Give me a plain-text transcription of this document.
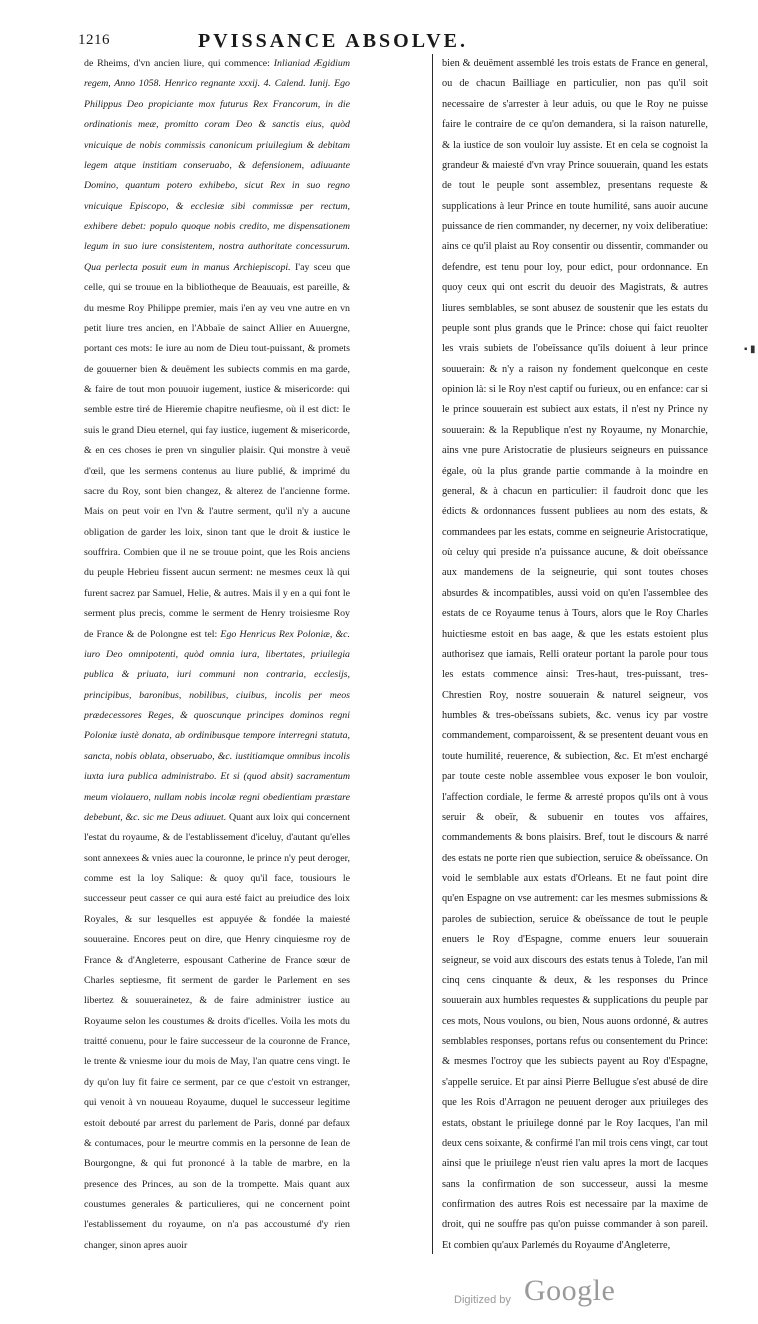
1216	PVISSANCE ABSOLVE.

de Rheims, d'vn ancien liure, qui commence: Inlianiad Ægidium regem, Anno 1058. Henrico regnante xxxij. 4. Calend. Iunij. Ego Philippus Deo propiciante mox futurus Rex Francorum, in die ordinationis meæ, promitto coram Deo & sanctis eius, quòd vnicuique de nobis commissis canonicum priuilegium & debitam legem atque institiam conseruabo, & defensionem, adiuuante Domino, quantum potero exhibebo, sicut Rex in suo regno vnicuique Episcopo, & ecclesiæ sibi commissæ per rectum, exhibere debet: populo quoque nobis credito, me dispensationem legum in suo iure consistentem, nostra authoritate concessurum. Qua perlecta posuit eum in manus Archiepiscopi. I'ay sceu que celle, qui se trouue en la bibliotheque de Beauuais, est pareille, & du mesme Roy Philippe premier, mais i'en ay veu vne autre en vn petit liure tres ancien, en l'Abbaïe de sainct Allier en Auuergne, portant ces mots: Ie iure au nom de Dieu tout-puissant, & promets de gouuerner bien & deuëment les subiects commis en ma garde, & faire de tout mon pouuoir iugement, iustice & misericorde: qui semble estre tiré de Hieremie chapitre neufiesme, où il est dict: Ie suis le grand Dieu eternel, qui fay iustice, iugement & misericorde, & en ces choses ie pren vn singulier plaisir. Qui monstre à veuë d'œil, que les sermens contenus au liure publié, & imprimé du sacre du Roy, sont bien changez, & alterez de l'ancienne forme. Mais on peut voir en l'vn & l'autre serment, qu'il n'y a aucune obligation de garder les loix, sinon tant que le droit & iustice le souffrira. Combien que il ne se trouue point, que les Rois anciens du peuple Hebrieu fissent aucun serment: ne mesmes ceux là qui furent sacrez par Samuel, Helie, & autres. Mais il y en a qui font le serment plus precis, comme le serment de Henry troisiesme Roy de France & de Polongne est tel: Ego Henricus Rex Poloniæ, &c. iuro Deo omnipotenti, quòd omnia iura, libertates, priuilegia publica & priuata, iuri communi non contraria, ecclesijs, principibus, baronibus, nobilibus, ciuibus, incolis per meos prædecessores Reges, & quoscunque principes dominos regni Poloniæ iustè donata, ab ordinibusque tempore interregni statuta, sancta, nobis oblata, obseruabo, &c. iustitiamque omnibus incolis iuxta iura publica administrabo. Et si (quod absit) sacramentum meum violauero, nullam nobis incolæ regni obedientiam præstare debebunt, &c. sic me Deus adiuuet. Quant aux loix qui concernent l'estat du royaume, & de l'establissement d'iceluy, d'autant qu'elles sont annexees & vnies auec la couronne, le prince n'y peut deroger, comme est la loy Salique: & quoy qu'il face, tousiours le successeur peut casser ce qui aura esté faict au preiudice des loix Royales, & sur lesquelles est appuyée & fondée la maiesté souueraine. Encores peut on dire, que Henry cinquiesme roy de France & d'Angleterre, espousant Catherine de France sœur de Charles septiesme, fit serment de garder le Parlement en ses libertez & souuerainetez, & de faire administrer iustice au Royaume selon les coustumes & droits d'icelles. Voila les mots du traitté conuenu, pour le faire successeur de la couronne de France, le trente & vniesme iour du mois de May, l'an quatre cens vingt. Ie dy qu'on luy fit faire ce serment, par ce que c'estoit vn estranger, qui venoit à vn nouueau Royaume, duquel le successeur legitime estoit debouté par arrest du parlement de Paris, donné par defaux & contumaces, pour le meurtre commis en la personne de Iean de Bourgongne, & qui fut prononcé à la table de marbre, en la presence des Princes, au son de la trompette. Mais quant aux coustumes generales & particulieres, qui ne concernent point l'establissement du royaume, on n'a pas accoustumé d'y rien changer, sinon apres auoir

bien & deuëment assemblé les trois estats de France en general, ou de chacun Bailliage en particulier, non pas qu'il soit necessaire de s'arrester à leur aduis, ou que le Roy ne puisse faire le contraire de ce qu'on demandera, si la raison naturelle, & la iustice de son vouloir luy assiste. Et en cela se cognoist la grandeur & maiesté d'vn vray Prince souuerain, quand les estats de tout le peuple sont assemblez, presentans requeste & supplications à leur Prince en toute humilité, sans auoir aucune puissance de rien commander, ny decerner, ny voix deliberatiue: ains ce qu'il plaist au Roy consentir ou dissentir, commander ou defendre, est tenu pour loy, pour edict, pour ordonnance. En quoy ceux qui ont escrit du deuoir des Magistrats, & autres liures semblables, se sont abusez de soustenir que les estats du peuple sont plus grands que le Prince: chose qui faict reuolter les vrais subiets de l'obeïssance qu'ils doiuent à leur prince souuerain: & n'y a raison ny fondement quelconque en ceste opinion là: si le Roy n'est captif ou furieux, ou en enfance: car si le prince souuerain est subiect aux estats, il n'est ny Prince ny souuerain: & la Republique n'est ny Royaume, ny Monarchie, ains vne pure Aristocratie de plusieurs seigneurs en puissance égale, où la plus grande partie commande à la moindre en general, & à chacun en particulier: il faudroit donc que les édicts & ordonnances fussent publiees au nom des estats, & commandees par les estats, comme en seigneurie Aristocratique, où celuy qui preside n'a puissance aucune, & doit obeïssance aux mandemens de la seigneurie, qui sont toutes choses absurdes & incompatibles, aussi void on qu'en l'assemblee des estats de ce Royaume tenus à Tours, alors que le Roy Charles huictiesme estoit en bas aage, & que les estats estoient plus authorisez que iamais, Relli orateur portant la parole pour tous les estats commence ainsi: Tres-haut, tres-puissant, tres-Chrestien Roy, nostre souuerain & naturel seigneur, vos humbles & tres-obeïssans subiets, &c. venus icy par vostre commandement, comparoissent, & se presentent deuant vous en toute humilité, reuerence, & subiection, &c. Et m'est enchargé par toute ceste noble assemblee vous exposer le bon vouloir, l'affection cordiale, le ferme & arresté propos qu'ils ont à vous seruir & obeïr, & subuenir en toutes vos affaires, commandements & bons plaisirs. Bref, tout le discours & narré des estats ne porte rien que subiection, seruice & obeïssance. On void le semblable aux estats d'Orleans. Et ne faut point dire qu'en Espagne on vse autrement: car les mesmes submissions & paroles de subiection, seruice & obeïssance de tout le peuple enuers le Roy d'Espagne, comme enuers leur souuerain seigneur, se void aux discours des estats tenus à Tolede, l'an mil cinq cens cinquante & deux, & les responses du Prince souuerain aux humbles requestes & supplications du peuple par ces mots, Nous voulons, ou bien, Nous auons ordonné, & autres semblables responses, portans refus ou consentement du Prince: & mesmes l'octroy que les subiects payent au Roy d'Espagne, s'appelle seruice. Et par ainsi Pierre Bellugue s'est abusé de dire que les Rois d'Arragon ne peuuent deroger aux priuileges des estats, obstant le priuilege donné par le Roy Iacques, l'an mil deux cens soixante, & confirmé l'an mil trois cens vingt, car tout ainsi que le priuilege n'eust rien valu apres la mort de Iacques sans la confirmation de son successeur, aussi la mesme confirmation des autres Rois est necessaire par la maxime de droit, qui ne souffre pas qu'on puisse commander à son pareil. Et combien qu'aux Parlemés du Royaume d'Angleterre,

▪ ▮
Digitized by Google
